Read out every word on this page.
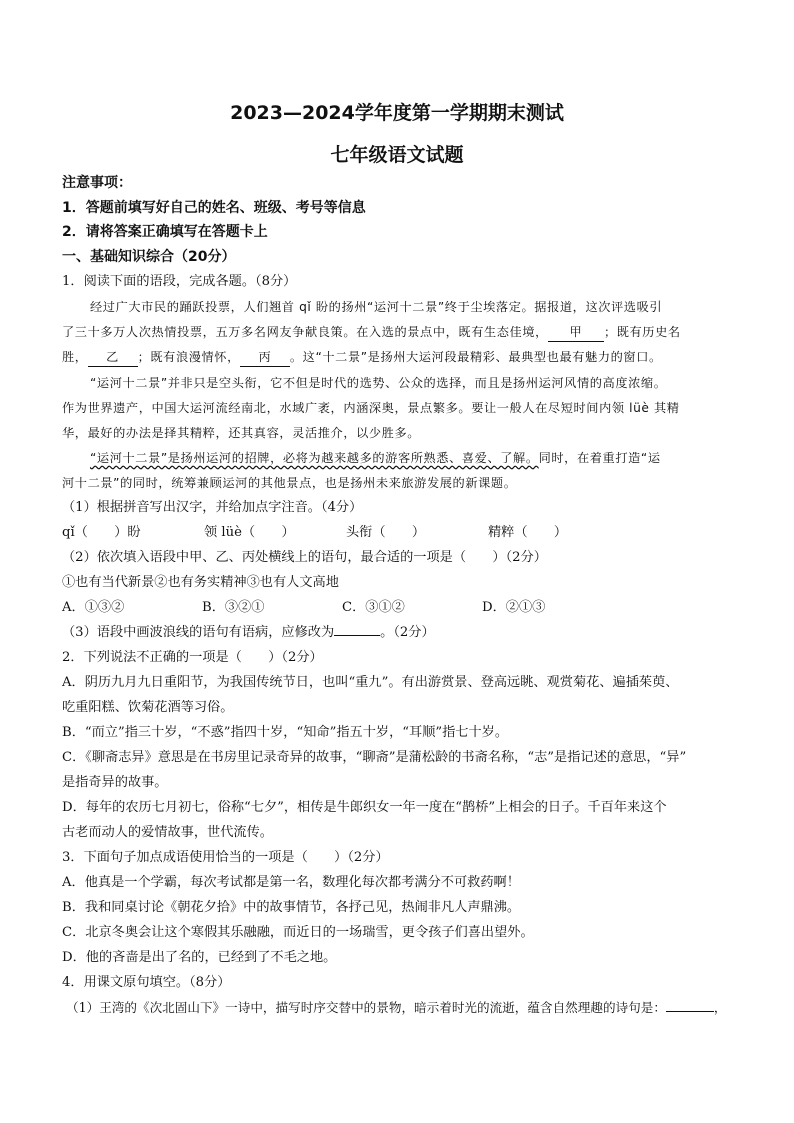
2023—2024学年度第一学期期末测试
七年级语文试题
注意事项：
1．答题前填写好自己的姓名、班级、考号等信息
2．请将答案正确填写在答题卡上
一、基础知识综合（20分）
1．阅读下面的语段，完成各题。（8分）
经过广大市民的踊跃投票，人们翘首 qǐ 盼的扬州“运河十二景”终于尘埃落定。据报道，这次评选吸引
了三十多万人次热情投票，五万多名网友争献良策。在入选的景点中，既有生态佳境， 甲 ；既有历史名
胜， 乙 ；既有浪漫情怀， 丙 。这“十二景”是扬州大运河段最精彩、最典型也最有魅力的窗口。
“运河十二景”并非只是空头衔，它不但是时代的选势、公众的选择，而且是扬州运河风情的高度浓缩。
作为世界遗产，中国大运河流经南北，水域广袤，内涵深奥，景点繁多。要让一般人在尽短时间内领 lüè 其精
华，最好的办法是择其精粹，还其真容，灵活推介，以少胜多。
“运河十二景”是扬州运河的招牌，必将为越来越多的游客所熟悉、喜爱、了解。同时，在着重打造“运
河十二景”的同时，统筹兼顾运河的其他景点，也是扬州未来旅游发展的新课题。
（1）根据拼音写出汉字，并给加点字注音。（4分）
qǐ（　　）盼	领 lüè（　　）	头衔（　　）	精粹（　　）
（2）依次填入语段中甲、乙、丙处横线上的语句，最合适的一项是（　　）（2分）
①也有当代新景②也有务实精神③也有人文高地
A．①③②	B．③②①	C．③①②	D．②①③
（3）语段中画波浪线的语句有语病，应修改为	。（2分）
2．下列说法不正确的一项是（　　）（2分）
A．阴历九月九日重阳节，为我国传统节日，也叫“重九”。有出游赏景、登高远眺、观赏菊花、遍插茱萸、
吃重阳糕、饮菊花酒等习俗。
B．“而立”指三十岁，“不惑”指四十岁，“知命”指五十岁，“耳顺”指七十岁。
C．《聊斋志异》意思是在书房里记录奇异的故事，“聊斋”是蒲松龄的书斋名称，“志”是指记述的意思，“异”
是指奇异的故事。
D．每年的农历七月初七，俗称“七夕”，相传是牛郎织女一年一度在“鹊桥”上相会的日子。千百年来这个
古老而动人的爱情故事，世代流传。
3．下面句子加点成语使用恰当的一项是（　　）（2分）
A．他真是一个学霸，每次考试都是第一名，数理化每次都考满分不可救药啊！
B．我和同桌讨论《朝花夕拾》中的故事情节，各抒己见，热闹非凡人声鼎沸。
C．北京冬奥会让这个寒假其乐融融，而近日的一场瑞雪，更令孩子们喜出望外。
D．他的吝啬是出了名的，已经到了不毛之地。
4．用课文原句填空。（8分）
（1）王湾的《次北固山下》一诗中，描写时序交替中的景物，暗示着时光的流逝，蕴含自然理趣的诗句是：	，
